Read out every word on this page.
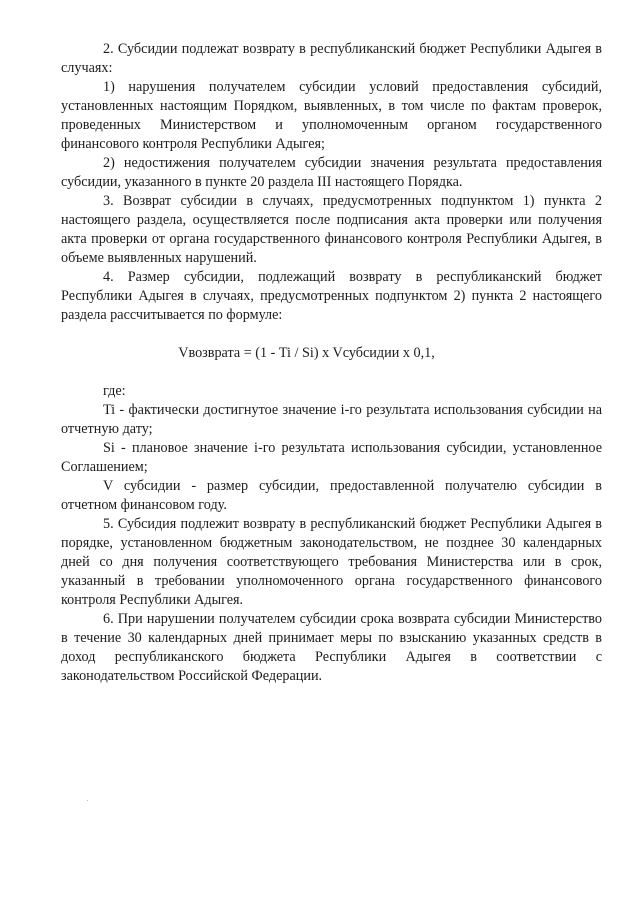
2. Субсидии подлежат возврату в республиканский бюджет Республики Адыгея в случаях:

1) нарушения получателем субсидии условий предоставления субсидий, установленных настоящим Порядком, выявленных, в том числе по фактам проверок, проведенных Министерством и уполномоченным органом государственного финансового контроля Республики Адыгея;

2) недостижения получателем субсидии значения результата предоставления субсидии, указанного в пункте 20 раздела III настоящего Порядка.

3. Возврат субсидии в случаях, предусмотренных подпунктом 1) пункта 2 настоящего раздела, осуществляется после подписания акта проверки или получения акта проверки от органа государственного финансового контроля Республики Адыгея, в объеме выявленных нарушений.

4. Размер субсидии, подлежащий возврату в республиканский бюджет Республики Адыгея в случаях, предусмотренных подпунктом 2) пункта 2 настоящего раздела рассчитывается по формуле:

Vвозврата = (1 - Ti / Si) x Vсубсидии x 0,1,

где:

Ti - фактически достигнутое значение i-го результата использования субсидии на отчетную дату;

Si - плановое значение i-го результата использования субсидии, установленное Соглашением;

V субсидии - размер субсидии, предоставленной получателю субсидии в отчетном финансовом году.

5. Субсидия подлежит возврату в республиканский бюджет Республики Адыгея в порядке, установленном бюджетным законодательством, не позднее 30 календарных дней со дня получения соответствующего требования Министерства или в срок, указанный в требовании уполномоченного органа государственного финансового контроля Республики Адыгея.

6. При нарушении получателем субсидии срока возврата субсидии Министерство в течение 30 календарных дней принимает меры по взысканию указанных средств в доход республиканского бюджета Республики Адыгея в соответствии с законодательством Российской Федерации.
